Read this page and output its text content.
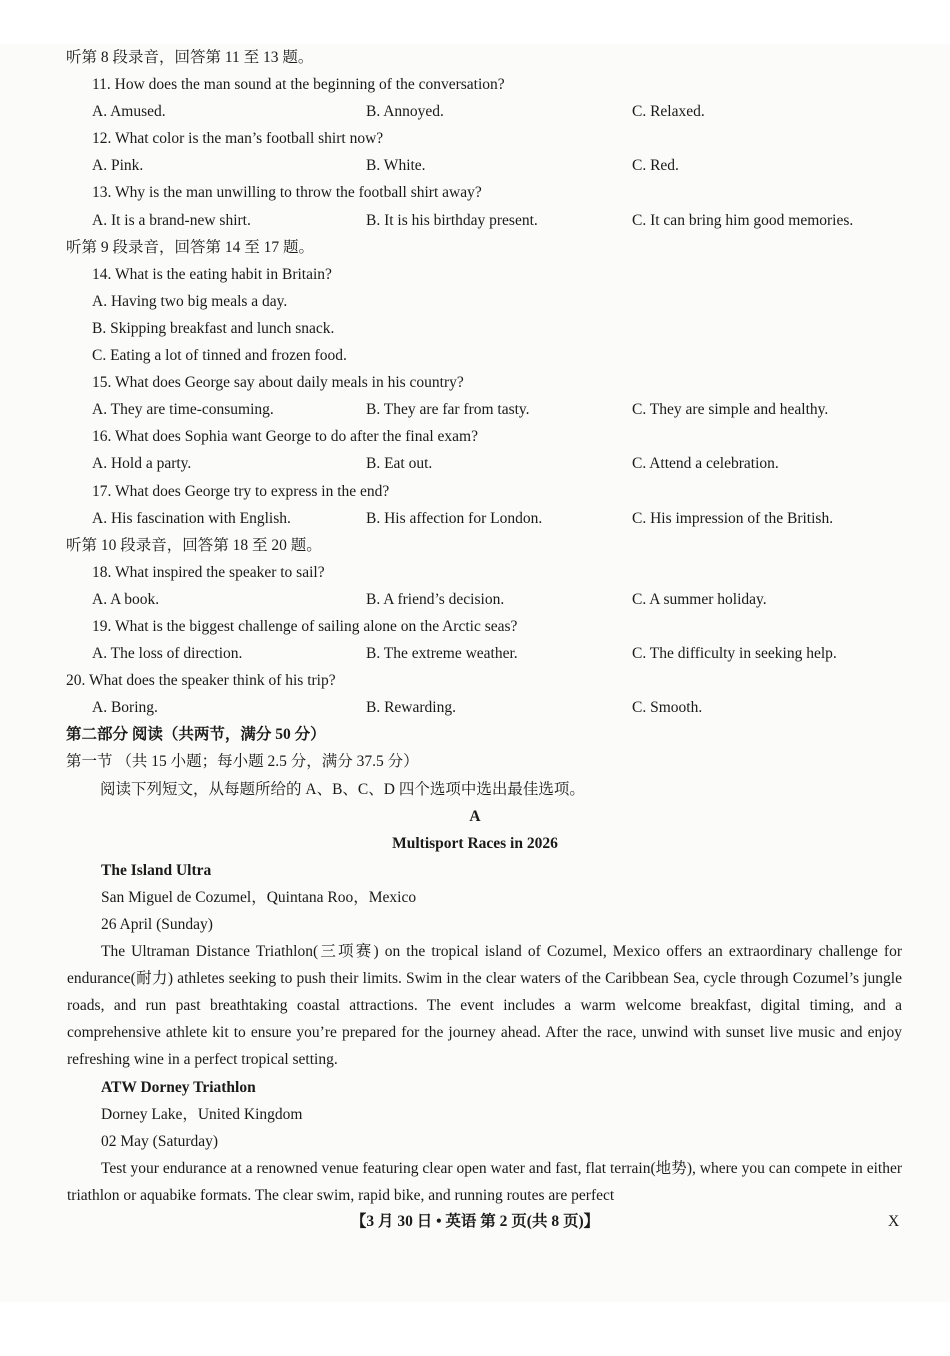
听第 8 段录音，回答第 11 至 13 题。
11. How does the man sound at the beginning of the conversation?
A. Amused.	B. Annoyed.	C. Relaxed.
12. What color is the man’s football shirt now?
A. Pink.	B. White.	C. Red.
13. Why is the man unwilling to throw the football shirt away?
A. It is a brand-new shirt.	B. It is his birthday present.	C. It can bring him good memories.
听第 9 段录音，回答第 14 至 17 题。
14. What is the eating habit in Britain?
A. Having two big meals a day.
B. Skipping breakfast and lunch snack.
C. Eating a lot of tinned and frozen food.
15. What does George say about daily meals in his country?
A. They are time-consuming.	B. They are far from tasty.	C. They are simple and healthy.
16. What does Sophia want George to do after the final exam?
A. Hold a party.	B. Eat out.	C. Attend a celebration.
17. What does George try to express in the end?
A. His fascination with English.	B. His affection for London.	C. His impression of the British.
听第 10 段录音，回答第 18 至 20 题。
18. What inspired the speaker to sail?
A. A book.	B. A friend’s decision.	C. A summer holiday.
19. What is the biggest challenge of sailing alone on the Arctic seas?
A. The loss of direction.	B. The extreme weather.	C. The difficulty in seeking help.
20. What does the speaker think of his trip?
A. Boring.	B. Rewarding.	C. Smooth.
第二部分 阅读（共两节，满分 50 分）
第一节 （共 15 小题；每小题 2.5 分，满分 37.5 分）
阅读下列短文，从每题所给的 A、B、C、D 四个选项中选出最佳选项。
A
Multisport Races in 2026
The Island Ultra
San Miguel de Cozumel，Quintana Roo，Mexico
26 April (Sunday)

The Ultraman Distance Triathlon(三项赛) on the tropical island of Cozumel, Mexico offers an extraordinary challenge for endurance(耐力) athletes seeking to push their limits. Swim in the clear waters of the Caribbean Sea, cycle through Cozumel’s jungle roads, and run past breathtaking coastal attractions. The event includes a warm welcome breakfast, digital timing, and a comprehensive athlete kit to ensure you’re prepared for the journey ahead. After the race, unwind with sunset live music and enjoy refreshing wine in a perfect tropical setting.

ATW Dorney Triathlon
Dorney Lake，United Kingdom
02 May (Saturday)

Test your endurance at a renowned venue featuring clear open water and fast, flat terrain(地势), where you can compete in either triathlon or aquabike formats. The clear swim, rapid bike, and running routes are perfect

【3 月 30 日 • 英语 第 2 页(共 8 页)】	X
